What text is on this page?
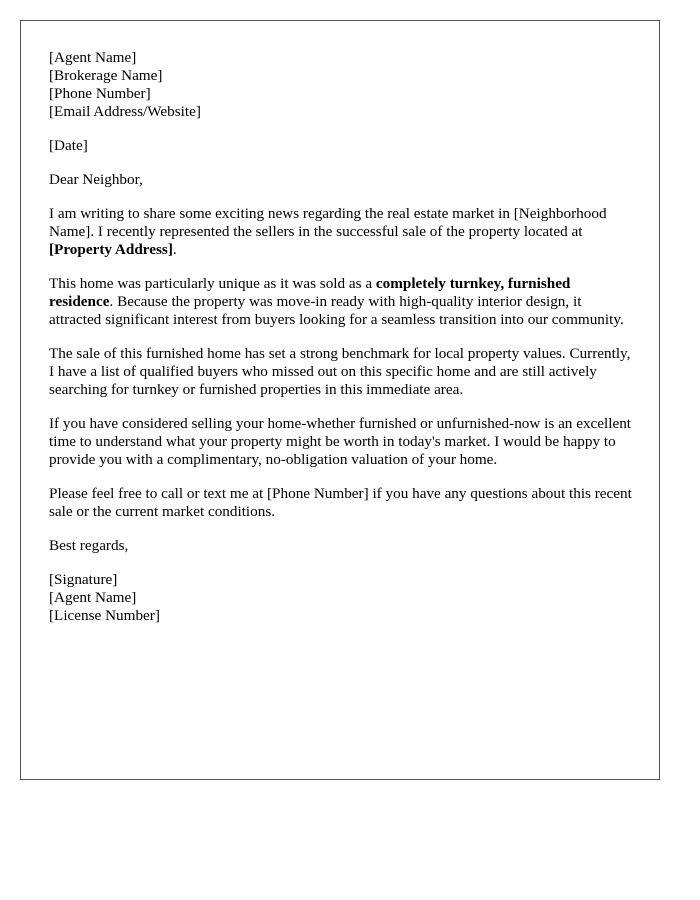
[Agent Name]
[Brokerage Name]
[Phone Number]
[Email Address/Website]
[Date]
Dear Neighbor,

I am writing to share some exciting news regarding the real estate market in [Neighborhood Name]. I recently represented the sellers in the successful sale of the property located at [Property Address].

This home was particularly unique as it was sold as a completely turnkey, furnished residence. Because the property was move-in ready with high-quality interior design, it attracted significant interest from buyers looking for a seamless transition into our community.

The sale of this furnished home has set a strong benchmark for local property values. Currently, I have a list of qualified buyers who missed out on this specific home and are still actively searching for turnkey or furnished properties in this immediate area.

If you have considered selling your home-whether furnished or unfurnished-now is an excellent time to understand what your property might be worth in today's market. I would be happy to provide you with a complimentary, no-obligation valuation of your home.

Please feel free to call or text me at [Phone Number] if you have any questions about this recent sale or the current market conditions.

Best regards,
[Signature]
[Agent Name]
[License Number]
